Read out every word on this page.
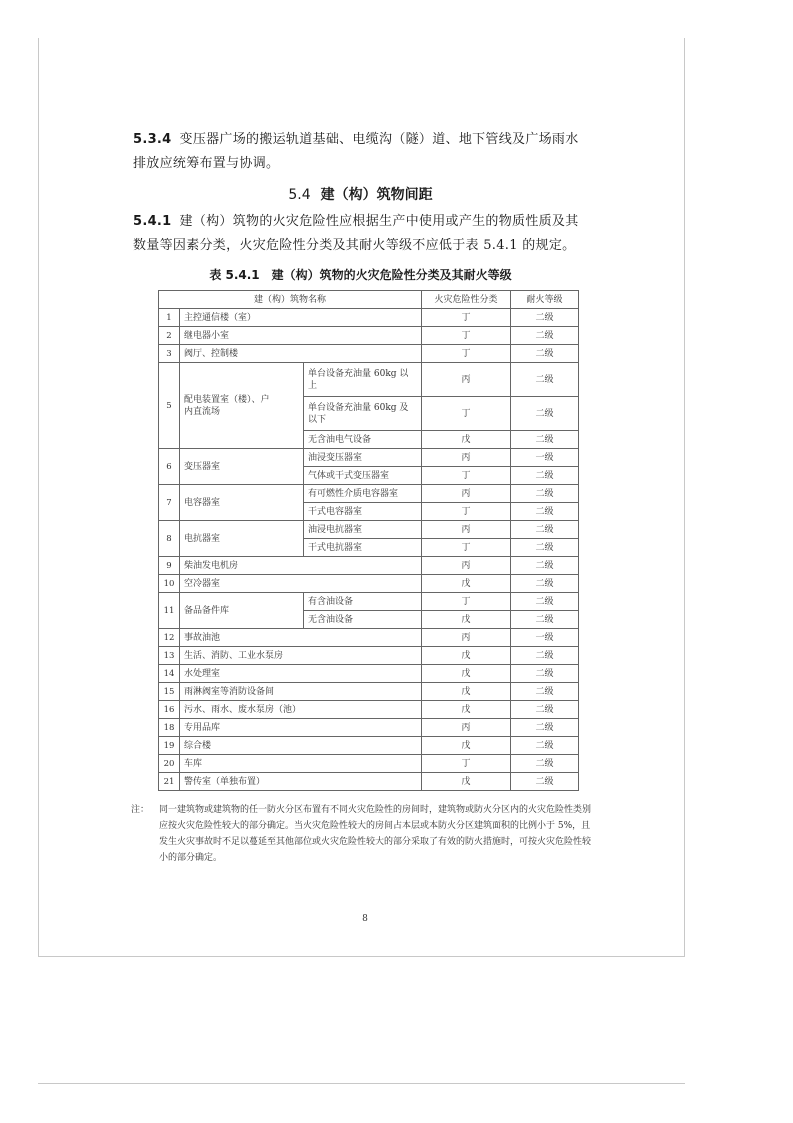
5.3.4 变压器广场的搬运轨道基础、电缆沟（隧）道、地下管线及广场雨水排放应统筹布置与协调。
5.4 建（构）筑物间距
5.4.1 建（构）筑物的火灾危险性应根据生产中使用或产生的物质性质及其数量等因素分类，火灾危险性分类及其耐火等级不应低于表 5.4.1 的规定。
表 5.4.1　建（构）筑物的火灾危险性分类及其耐火等级
建（构）筑物名称			火灾危险性分类	耐火等级
1	主控通信楼（室）		丁	二级
2	继电器小室		丁	二级
3	阀厅、控制楼		丁	二级
5	配电装置室（楼）、户内直流场	单台设备充油量 60kg 以上	丙	二级
		单台设备充油量 60kg 及以下	丁	二级
		无含油电气设备	戊	二级
6	变压器室	油浸变压器室	丙	一级
		气体或干式变压器室	丁	二级
7	电容器室	有可燃性介质电容器室	丙	二级
		干式电容器室	丁	二级
8	电抗器室	油浸电抗器室	丙	二级
		干式电抗器室	丁	二级
9	柴油发电机房		丙	二级
10	空冷器室		戊	二级
11	备品备件库	有含油设备	丁	二级
		无含油设备	戊	二级
12	事故油池		丙	一级
13	生活、消防、工业水泵房		戊	二级
14	水处理室		戊	二级
15	雨淋阀室等消防设备间		戊	二级
16	污水、雨水、废水泵房（池）		戊	二级
18	专用品库		丙	二级
19	综合楼		戊	二级
20	车库		丁	二级
21	警传室（单独布置）		戊	二级
注： 同一建筑物或建筑物的任一防火分区布置有不同火灾危险性的房间时，建筑物或防火分区内的火灾危险性类别应按火灾危险性较大的部分确定。当火灾危险性较大的房间占本层或本防火分区建筑面积的比例小于 5%，且发生火灾事故时不足以蔓延至其他部位或火灾危险性较大的部分采取了有效的防火措施时，可按火灾危险性较小的部分确定。
8
